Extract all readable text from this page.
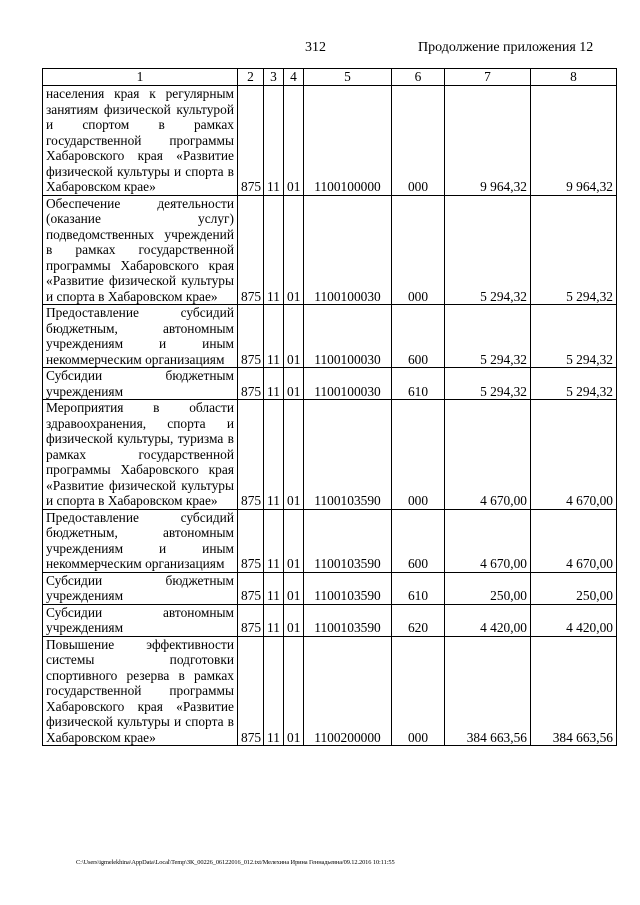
312	Продолжение приложения 12
1	2	3	4	5	6	7	8
населения края к регулярным занятиям физической культурой и спортом в рамках государственной программы Хабаровского края «Развитие физической культуры и спорта в Хабаровском крае»	875	11	01	1100100000	000	9 964,32	9 964,32
Обеспечение деятельности (оказание услуг) подведомственных учреждений в рамках государственной программы Хабаровского края «Развитие физической культуры и спорта в Хабаровском крае»	875	11	01	1100100030	000	5 294,32	5 294,32
Предоставление субсидий бюджетным, автономным учреждениям и иным некоммерческим организациям	875	11	01	1100100030	600	5 294,32	5 294,32
Субсидии бюджетным учреждениям	875	11	01	1100100030	610	5 294,32	5 294,32
Мероприятия в области здравоохранения, спорта и физической культуры, туризма в рамках государственной программы Хабаровского края «Развитие физической культуры и спорта в Хабаровском крае»	875	11	01	1100103590	000	4 670,00	4 670,00
Предоставление субсидий бюджетным, автономным учреждениям и иным некоммерческим организациям	875	11	01	1100103590	600	4 670,00	4 670,00
Субсидии бюджетным учреждениям	875	11	01	1100103590	610	250,00	250,00
Субсидии автономным учреждениям	875	11	01	1100103590	620	4 420,00	4 420,00
Повышение эффективности системы подготовки спортивного резерва в рамках государственной программы Хабаровского края «Развитие физической культуры и спорта в Хабаровском крае»	875	11	01	1100200000	000	384 663,56	384 663,56
C:\Users\igmelekhina\AppData\Local\Temp\ЗК_00226_06122016_012.txt/Мелехина Ирина Геннадьевна/09.12.2016 10:11:55
